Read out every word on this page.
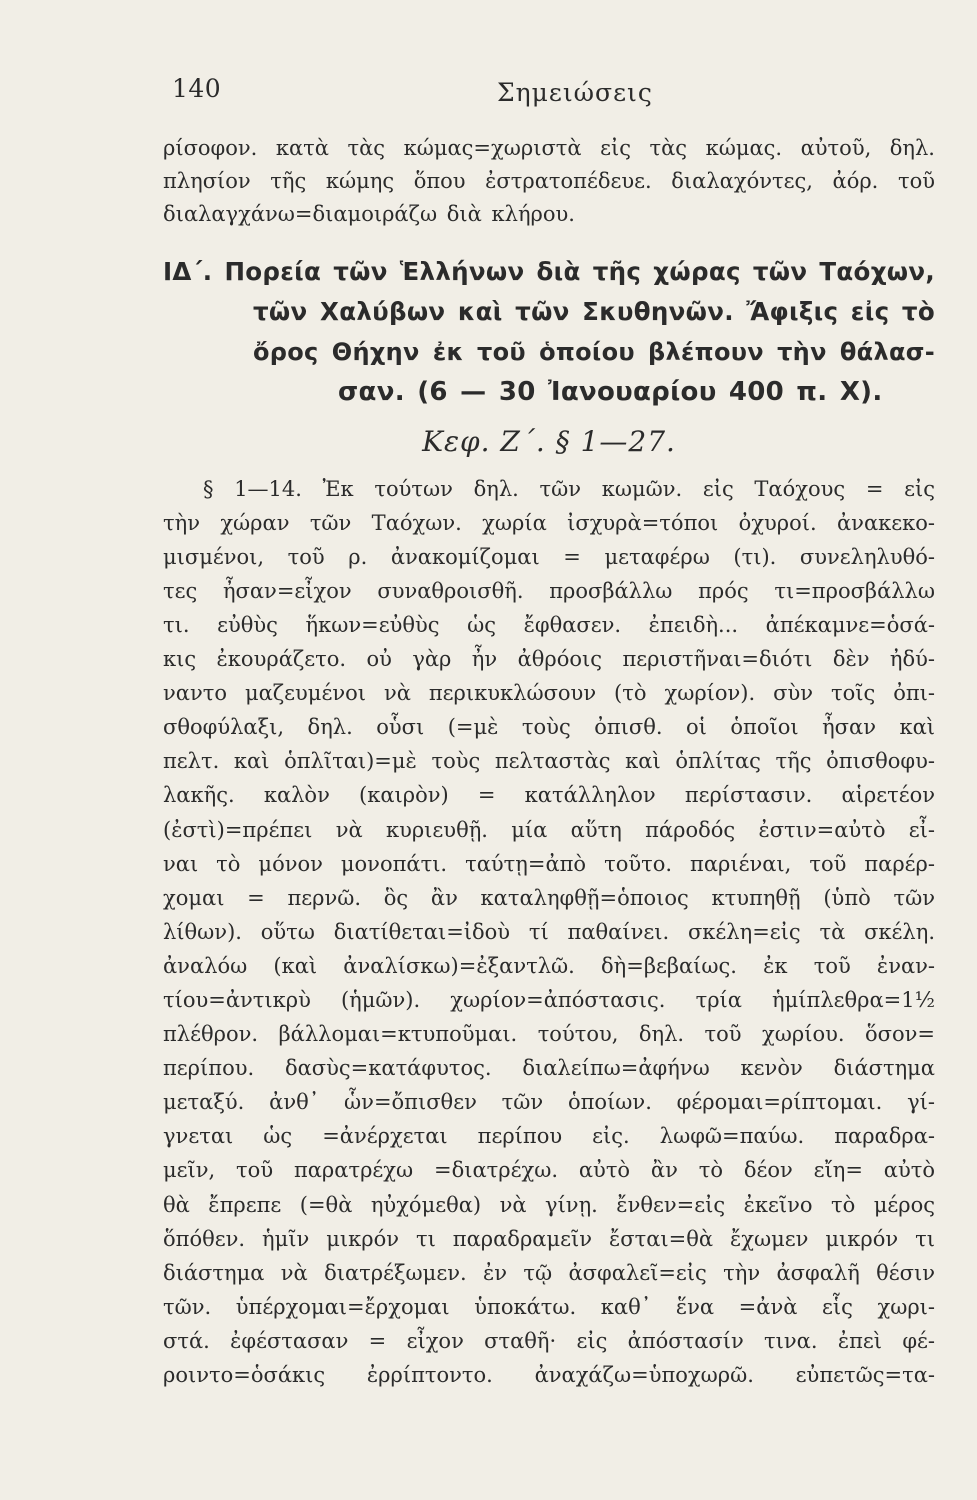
140	Σημειώσεις
ρίσοφον. κατὰ τὰς κώμας=χωριστὰ εἰς τὰς κώμας. αὐτοῦ, δηλ.
πλησίον τῆς κώμης ὅπου ἐστρατοπέδευε. διαλαχόντες, ἀόρ. τοῦ
διαλαγχάνω=διαμοιράζω διὰ κλήρου.
ΙΔ΄. Πορεία τῶν Ἑλλήνων διὰ τῆς χώρας τῶν Ταόχων,
τῶν Χαλύβων καὶ τῶν Σκυθηνῶν. Ἄφιξις εἰς τὸ
ὄρος Θήχην ἐκ τοῦ ὁποίου βλέπουν τὴν θάλασ-
σαν. (6 — 30 Ἰανουαρίου 400 π. Χ).
Κεφ. Ζ΄. § 1—27.
§ 1—14. Ἐκ τούτων δηλ. τῶν κωμῶν. εἰς Ταόχους = εἰς
τὴν χώραν τῶν Ταόχων. χωρία ἰσχυρὰ=τόποι ὀχυροί. ἀνακεκο-
μισμένοι, τοῦ ρ. ἀνακομίζομαι = μεταφέρω (τι). συνεληλυθό-
τες ἦσαν=εἶχον συναθροισθῆ. προσβάλλω πρός τι=προσβάλλω
τι. εὐθὺς ἥκων=εὐθὺς ὡς ἔφθασεν. ἐπειδὴ... ἀπέκαμνε=ὁσά-
κις ἐκουράζετο. οὐ γὰρ ἦν ἀθρόοις περιστῆναι=διότι δὲν ἠδύ-
ναντο μαζευμένοι νὰ περικυκλώσουν (τὸ χωρίον). σὺν τοῖς ὀπι-
σθοφύλαξι, δηλ. οὗσι (=μὲ τοὺς ὀπισθ. οἱ ὁποῖοι ἦσαν καὶ
πελτ. καὶ ὁπλῖται)=μὲ τοὺς πελταστὰς καὶ ὁπλίτας τῆς ὀπισθοφυ-
λακῆς. καλὸν (καιρὸν) = κατάλληλον περίστασιν. αἱρετέον
(ἐστὶ)=πρέπει νὰ κυριευθῇ. μία αὕτη πάροδός ἐστιν=αὐτὸ εἶ-
ναι τὸ μόνον μονοπάτι. ταύτῃ=ἀπὸ τοῦτο. παριέναι, τοῦ παρέρ-
χομαι = περνῶ. ὃς ἂν καταληφθῇ=ὁποιος κτυπηθῇ (ὑπὸ τῶν
λίθων). οὕτω διατίθεται=ἰδοὺ τί παθαίνει. σκέλη=εἰς τὰ σκέλη.
ἀναλόω (καὶ ἀναλίσκω)=ἐξαντλῶ. δὴ=βεβαίως. ἐκ τοῦ ἐναν-
τίου=ἀντικρὺ (ἡμῶν). χωρίον=ἀπόστασις. τρία ἡμίπλεθρα=1½
πλέθρον. βάλλομαι=κτυποῦμαι. τούτου, δηλ. τοῦ χωρίου. ὅσον=
περίπου. δασὺς=κατάφυτος. διαλείπω=ἀφήνω κενὸν διάστημα
μεταξύ. ἀνθ᾽ ὧν=ὄπισθεν τῶν ὁποίων. φέρομαι=ρίπτομαι. γί-
γνεται ὡς =ἀνέρχεται περίπου εἰς. λωφῶ=παύω. παραδρα-
μεῖν, τοῦ παρατρέχω =διατρέχω. αὐτὸ ἂν τὸ δέον εἴη= αὐτὸ
θὰ ἔπρεπε (=θὰ ηὐχόμεθα) νὰ γίνῃ. ἔνθεν=εἰς ἐκεῖνο τὸ μέρος
ὅπόθεν. ἡμῖν μικρόν τι παραδραμεῖν ἔσται=θὰ ἔχωμεν μικρόν τι
διάστημα νὰ διατρέξωμεν. ἐν τῷ ἀσφαλεῖ=εἰς τὴν ἀσφαλῆ θέσιν
τῶν. ὑπέρχομαι=ἔρχομαι ὑποκάτω. καθ᾽ ἕνα =ἀνὰ εἷς χωρι-
στά. ἐφέστασαν = εἶχον σταθῆ· εἰς ἀπόστασίν τινα. ἐπεὶ φέ-
ροιντο=ὁσάκις ἐρρίπτοντο. ἀναχάζω=ὑποχωρῶ. εὐπετῶς=τα-
